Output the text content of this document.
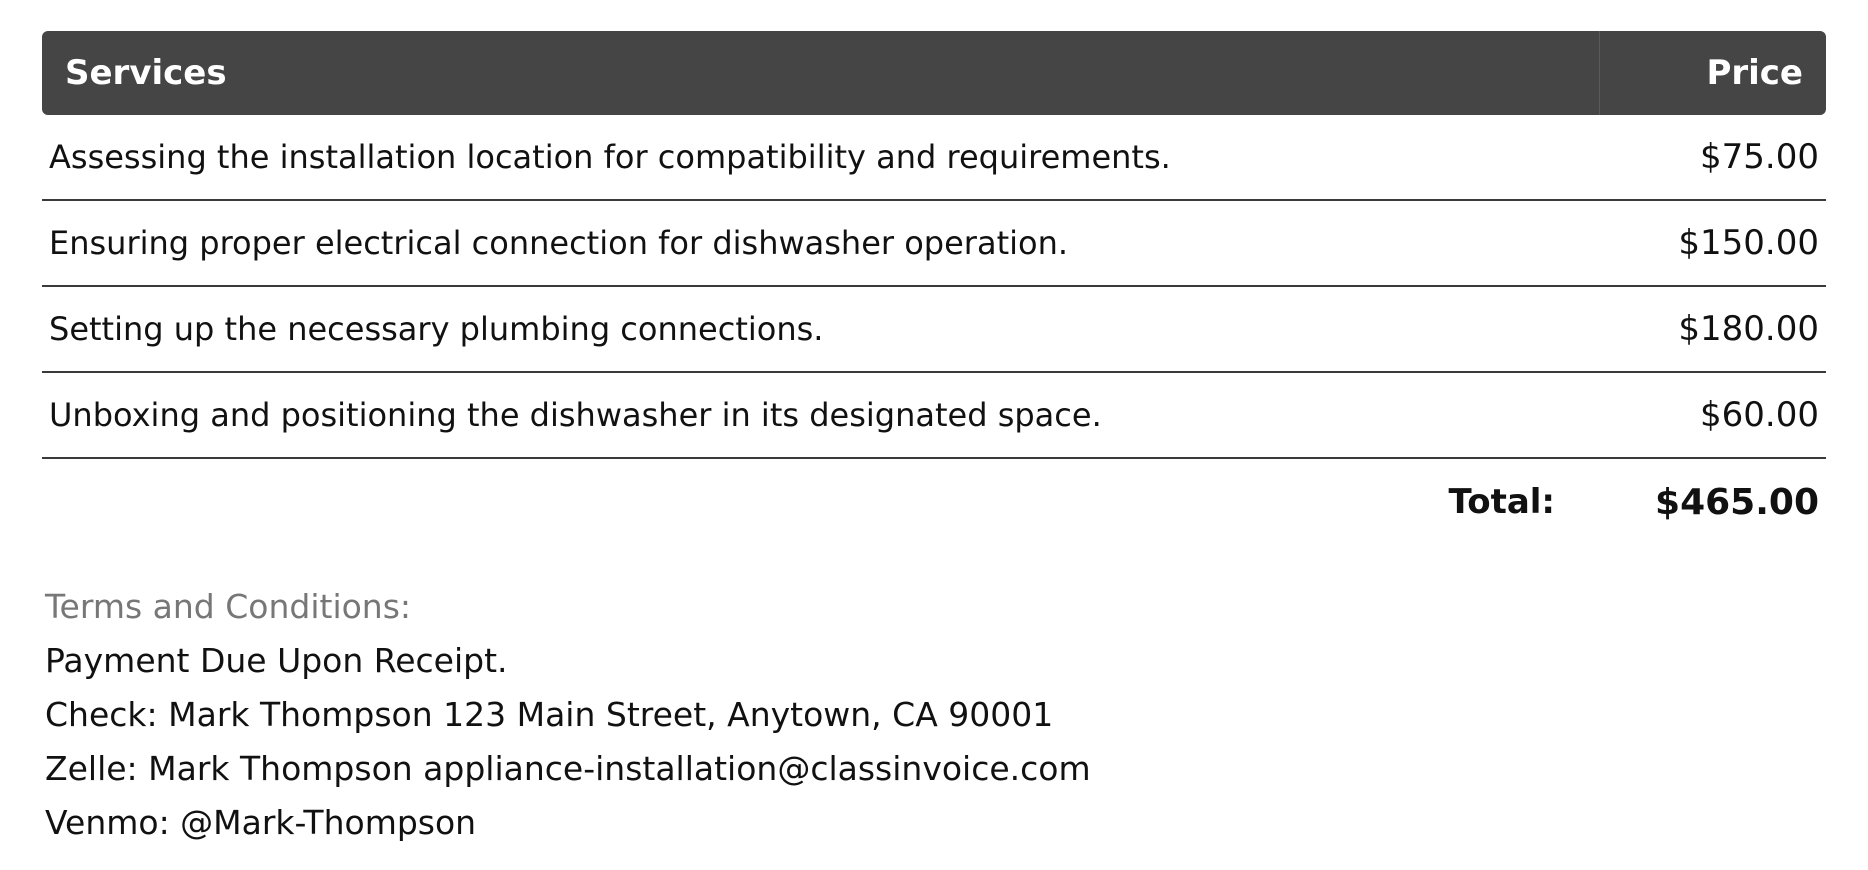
Services	Price
Assessing the installation location for compatibility and requirements.	$75.00
Ensuring proper electrical connection for dishwasher operation.	$150.00
Setting up the necessary plumbing connections.	$180.00
Unboxing and positioning the dishwasher in its designated space.	$60.00
Total:	$465.00
Terms and Conditions:
Payment Due Upon Receipt.
Check: Mark Thompson 123 Main Street, Anytown, CA 90001
Zelle: Mark Thompson appliance-installation@classinvoice.com
Venmo: @Mark-Thompson
